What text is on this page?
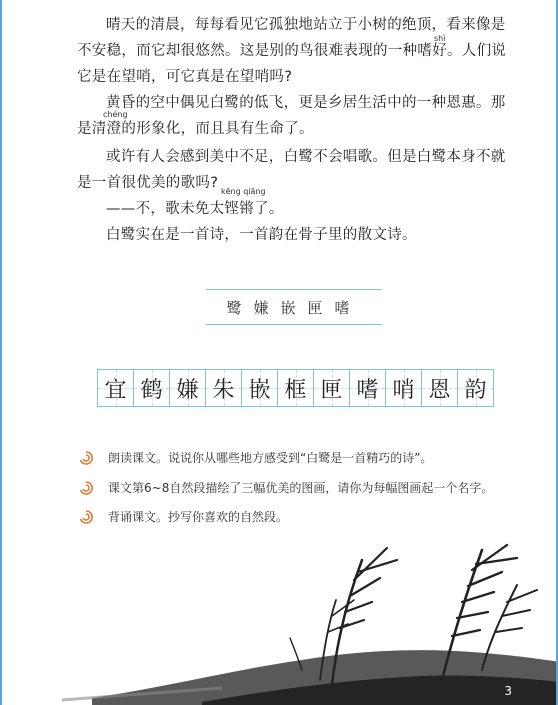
晴天的清晨，每每看见它孤独地站立于小树的绝顶，看来像是不安稳，而它却很悠然。这是别的鸟很难表现的一种嗜好。人们说它是在望哨，可它真是在望哨吗?
shì
黄昏的空中偶见白鹭的低飞，更是乡居生活中的一种恩惠。那是清澄的形象化，而且具有生命了。
chéng
或许有人会感到美中不足，白鹭不会唱歌。但是白鹭本身不就是一首很优美的歌吗?
kēng qiāng
——不，歌未免太铿锵了。
白鹭实在是一首诗，一首韵在骨子里的散文诗。
鹭嫌嵌匣嗜
宜 鹤 嫌 朱 嵌 框 匣 嗜 哨 恩 韵
朗读课文。说说你从哪些地方感受到“白鹭是一首精巧的诗”。
课文第6~8自然段描绘了三幅优美的图画，请你为每幅图画起一个名字。
背诵课文。抄写你喜欢的自然段。
3
